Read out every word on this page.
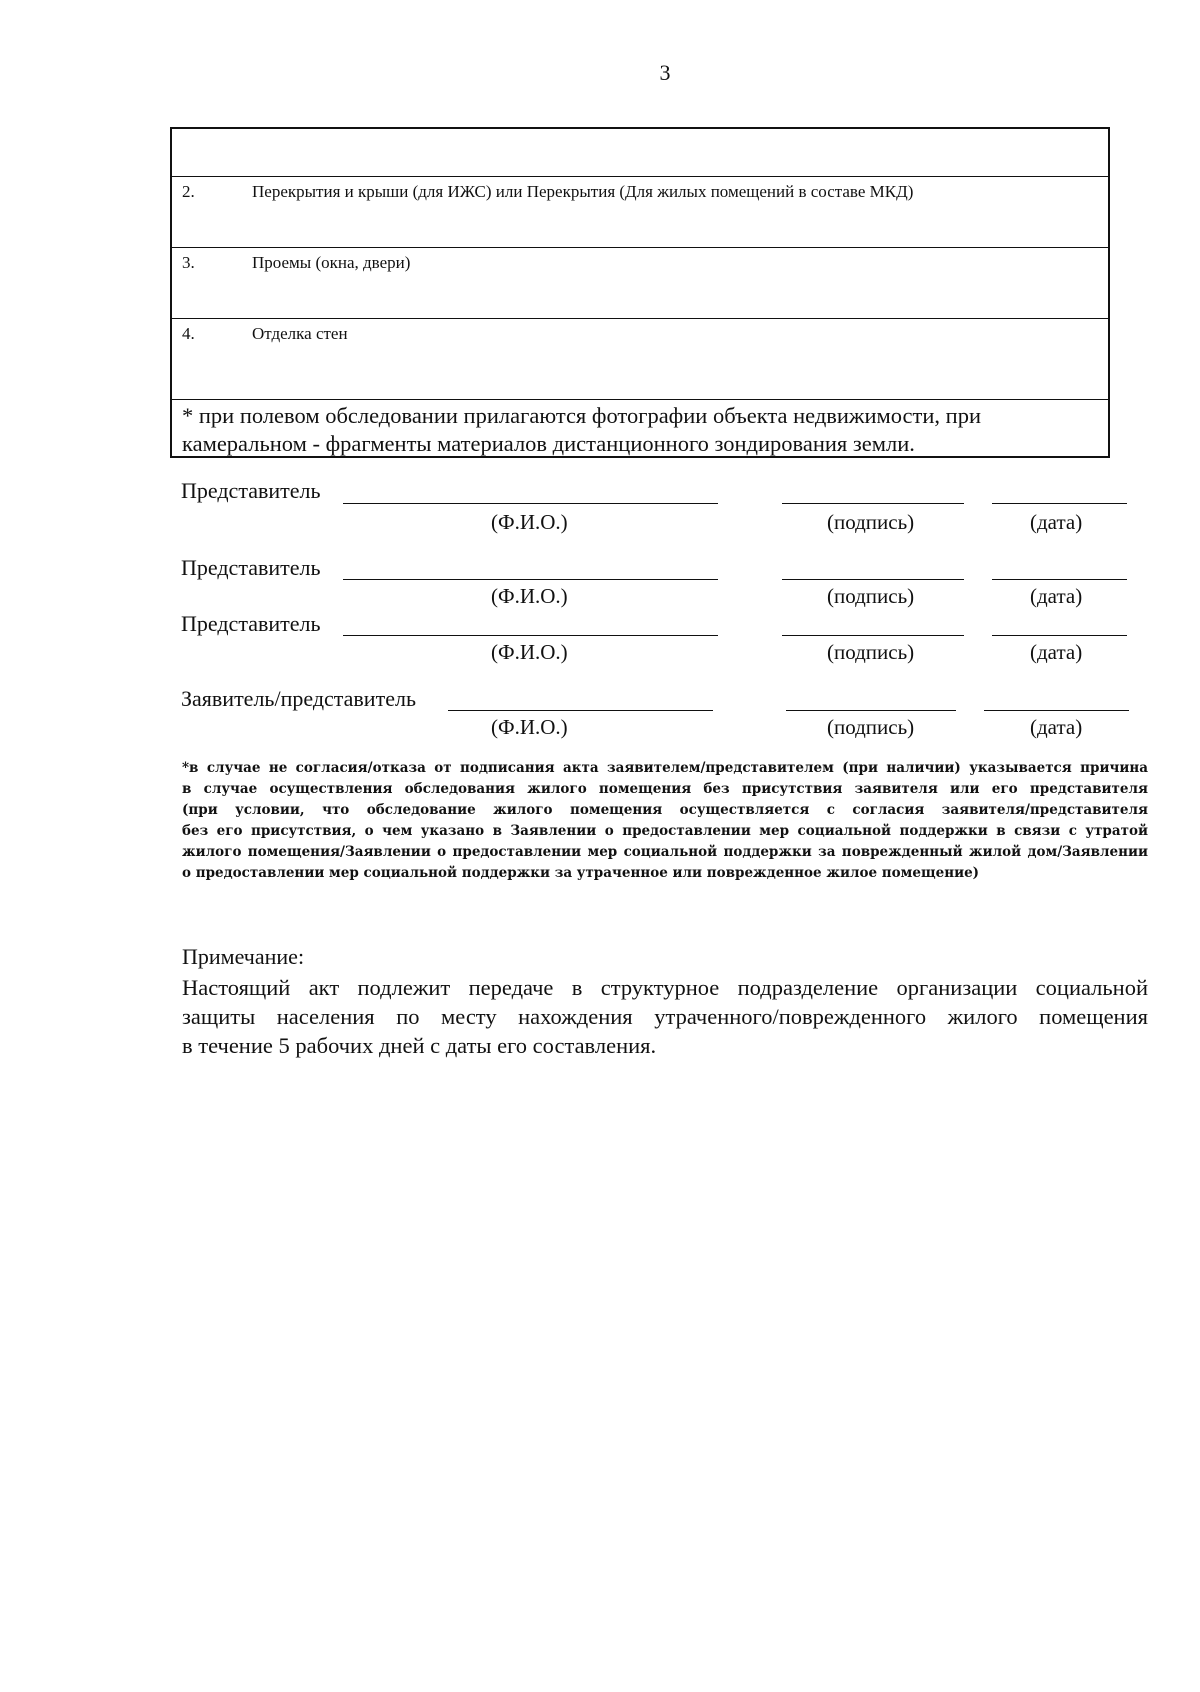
3
2.	Перекрытия и крыши (для ИЖС) или Перекрытия (Для жилых помещений в составе МКД)
3.	Проемы (окна, двери)
4.	Отделка стен
* при полевом обследовании прилагаются фотографии объекта недвижимости, при
камеральном - фрагменты материалов дистанционного зондирования земли.
Представитель
(Ф.И.О.)	(подпись)	(дата)
Представитель
(Ф.И.О.)	(подпись)	(дата)
Представитель
(Ф.И.О.)	(подпись)	(дата)
Заявитель/представитель
(Ф.И.О.)	(подпись)	(дата)
*в случае не согласия/отказа от подписания акта заявителем/представителем (при наличии) указывается причина
в случае осуществления обследования жилого помещения без присутствия заявителя или его представителя
(при условии, что обследование жилого помещения осуществляется с согласия заявителя/представителя
без его присутствия, о чем указано в Заявлении о предоставлении мер социальной поддержки в связи с утратой
жилого помещения/Заявлении о предоставлении мер социальной поддержки за поврежденный жилой дом/Заявлении
о предоставлении мер социальной поддержки за утраченное или поврежденное жилое помещение)
Примечание:
Настоящий акт подлежит передаче в структурное подразделение организации социальной
защиты населения по месту нахождения утраченного/поврежденного жилого помещения
в течение 5 рабочих дней с даты его составления.
